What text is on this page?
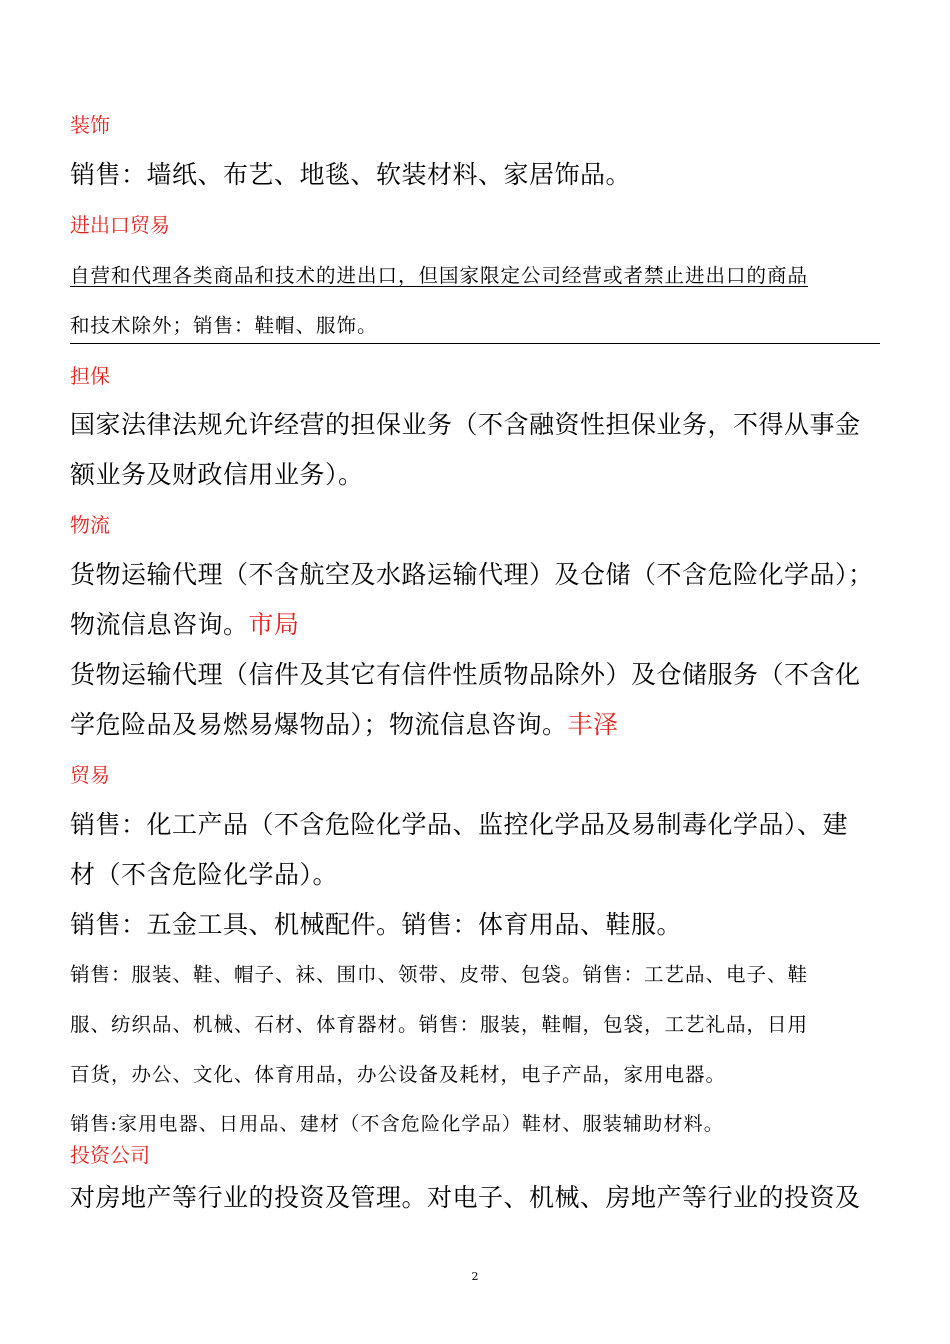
装饰
销售：墙纸、布艺、地毯、软装材料、家居饰品。
进出口贸易
自营和代理各类商品和技术的进出口，但国家限定公司经营或者禁止进出口的商品
和技术除外；销售：鞋帽、服饰。
担保
国家法律法规允许经营的担保业务（不含融资性担保业务，不得从事金
额业务及财政信用业务）。
物流
货物运输代理（不含航空及水路运输代理）及仓储（不含危险化学品）；
物流信息咨询。市局
货物运输代理（信件及其它有信件性质物品除外）及仓储服务（不含化
学危险品及易燃易爆物品）；物流信息咨询。丰泽
贸易
销售：化工产品（不含危险化学品、监控化学品及易制毒化学品）、建
材（不含危险化学品）。
销售：五金工具、机械配件。销售：体育用品、鞋服。
销售：服装、鞋、帽子、袜、围巾、领带、皮带、包袋。销售：工艺品、电子、鞋
服、纺织品、机械、石材、体育器材。销售：服装，鞋帽，包袋，工艺礼品，日用
百货，办公、文化、体育用品，办公设备及耗材，电子产品，家用电器。
销售:家用电器、日用品、建材（不含危险化学品）鞋材、服装辅助材料。
投资公司
对房地产等行业的投资及管理。对电子、机械、房地产等行业的投资及
2
